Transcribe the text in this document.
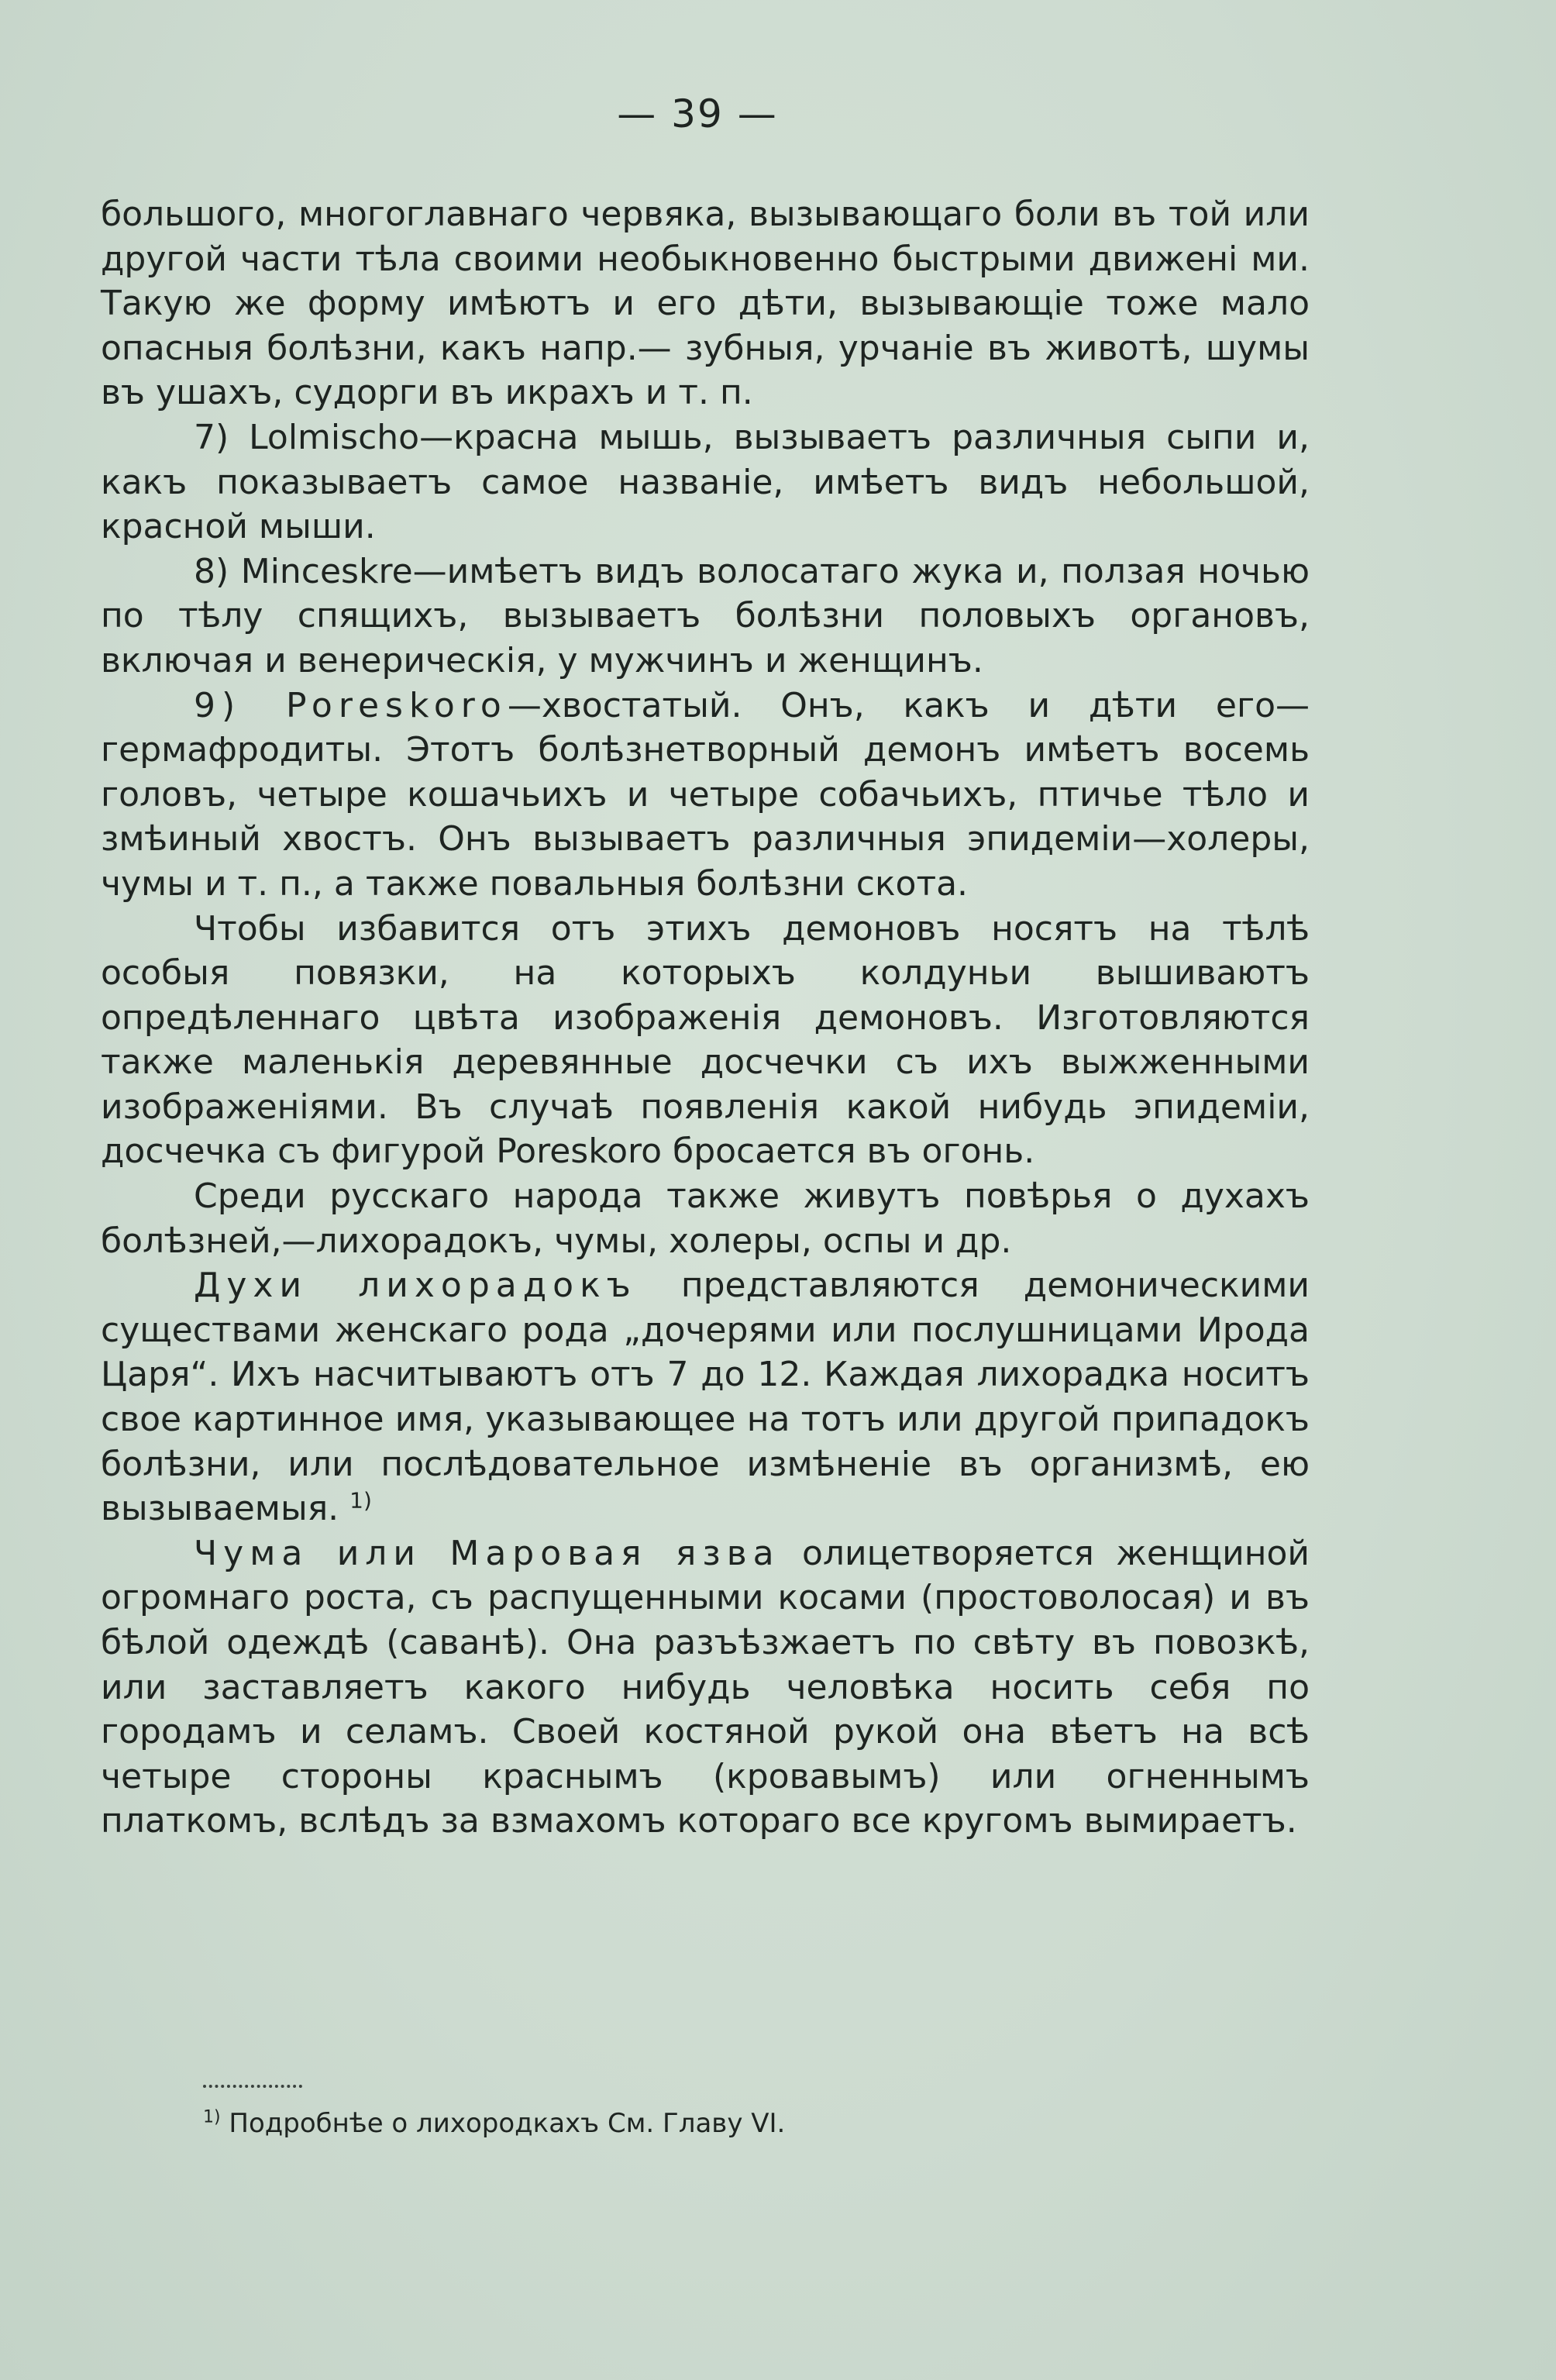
— 39 —

большого, многоглавнаго червяка, вызывающаго боли въ той или другой части тѣла своими необыкновенно быстрыми движені ми. Такую же форму имѣютъ и его дѣти, вызывающіе тоже мало опасныя болѣзни, какъ напр.— зубныя, урчаніе въ животѣ, шумы въ ушахъ, судорги въ икрахъ и т. п.

7) Lolmischo—красна мышь, вызываетъ различныя сыпи и, какъ показываетъ самое названіе, имѣетъ видъ небольшой, красной мыши.

8) Minceskre—имѣетъ видъ волосатаго жука и, ползая ночью по тѣлу спящихъ, вызываетъ болѣзни половыхъ органовъ, включая и венерическія, у мужчинъ и женщинъ.

9) Poreskoro—хвостатый. Онъ, какъ и дѣти его—гермафродиты. Этотъ болѣзнетворный демонъ имѣетъ восемь головъ, четыре кошачьихъ и четыре собачьихъ, птичье тѣло и змѣиный хвостъ. Онъ вызываетъ различныя эпидеміи—холеры, чумы и т. п., а также повальныя болѣзни скота.

Чтобы избавится отъ этихъ демоновъ носятъ на тѣлѣ особыя повязки, на которыхъ колдуньи вышиваютъ опредѣленнаго цвѣта изображенія демоновъ. Изготовляются также маленькія деревянные досчечки съ ихъ выжженными изображеніями. Въ случаѣ появленія какой нибудь эпидеміи, досчечка съ фигурой Poreskoro бросается въ огонь.

Среди русскаго народа также живутъ повѣрья о духахъ болѣзней,—лихорадокъ, чумы, холеры, оспы и др.

Духи лихорадокъ представляются демоническими существами женскаго рода „дочерями или послушницами Ирода Царя“. Ихъ насчитываютъ отъ 7 до 12. Каждая лихорадка носитъ свое картинное имя, указывающее на тотъ или другой припадокъ болѣзни, или послѣдовательное измѣненіе въ организмѣ, ею вызываемыя. $^{1)}$

Чума или Маровая язва олицетворяется женщиной огромнаго роста, съ распущенными косами (простоволосая) и въ бѣлой одеждѣ (саванѣ). Она разъѣзжаетъ по свѣту въ повозкѣ, или заставляетъ какого нибудь человѣка носить себя по городамъ и селамъ. Своей костяной рукой она вѣетъ на всѣ четыре стороны краснымъ (кровавымъ) или огненнымъ платкомъ, вслѣдъ за взмахомъ котораго все кругомъ вымираетъ.

$^{1)}$ Подробнѣе о лихородкахъ См. Главу VI.
